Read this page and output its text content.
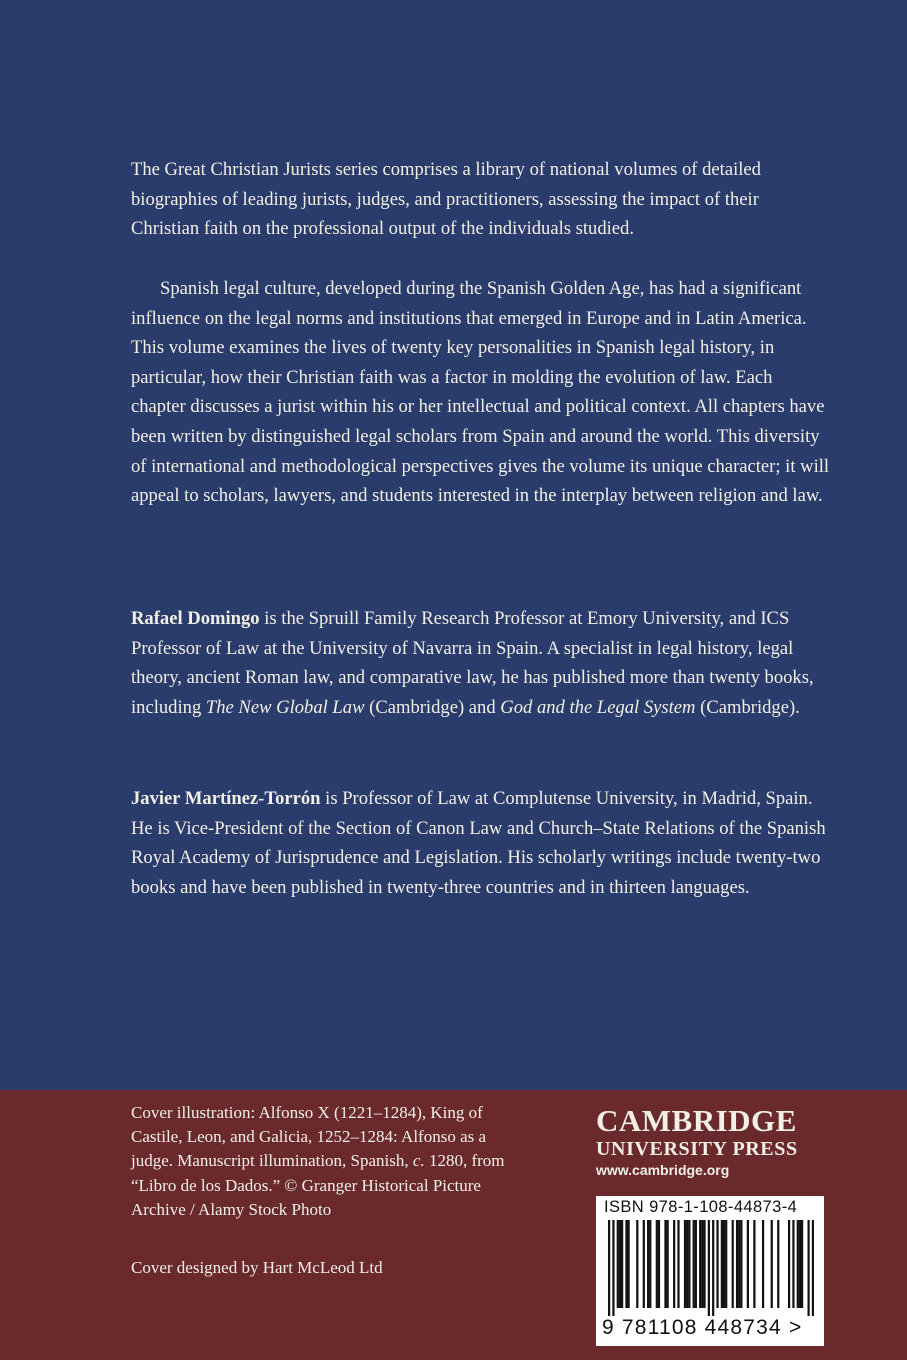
The Great Christian Jurists series comprises a library of national volumes of detailed biographies of leading jurists, judges, and practitioners, assessing the impact of their Christian faith on the professional output of the individuals studied.

Spanish legal culture, developed during the Spanish Golden Age, has had a significant influence on the legal norms and institutions that emerged in Europe and in Latin America. This volume examines the lives of twenty key personalities in Spanish legal history, in particular, how their Christian faith was a factor in molding the evolution of law. Each chapter discusses a jurist within his or her intellectual and political context. All chapters have been written by distinguished legal scholars from Spain and around the world. This diversity of international and methodological perspectives gives the volume its unique character; it will appeal to scholars, lawyers, and students interested in the interplay between religion and law.

Rafael Domingo is the Spruill Family Research Professor at Emory University, and ICS Professor of Law at the University of Navarra in Spain. A specialist in legal history, legal theory, ancient Roman law, and comparative law, he has published more than twenty books, including The New Global Law (Cambridge) and God and the Legal System (Cambridge).

Javier Martínez-Torrón is Professor of Law at Complutense University, in Madrid, Spain. He is Vice-President of the Section of Canon Law and Church–State Relations of the Spanish Royal Academy of Jurisprudence and Legislation. His scholarly writings include twenty-two books and have been published in twenty-three countries and in thirteen languages.

Cover illustration: Alfonso X (1221–1284), King of Castile, Leon, and Galicia, 1252–1284: Alfonso as a judge. Manuscript illumination, Spanish, c. 1280, from “Libro de los Dados.” © Granger Historical Picture Archive / Alamy Stock Photo

Cover designed by Hart McLeod Ltd

CAMBRIDGE
UNIVERSITY PRESS
www.cambridge.org
ISBN 978-1-108-44873-4
9 781108 448734 >
